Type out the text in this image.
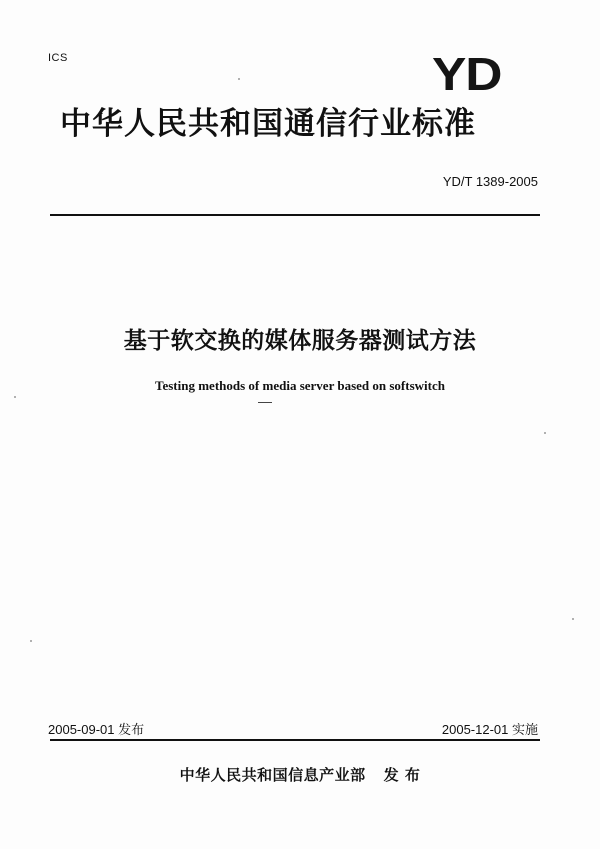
ICS	YD
中华人民共和国通信行业标准
YD/T 1389-2005
基于软交换的媒体服务器测试方法
Testing methods of media server based on softswitch
2005-09-01 发布	2005-12-01 实施
中华人民共和国信息产业部 发 布
